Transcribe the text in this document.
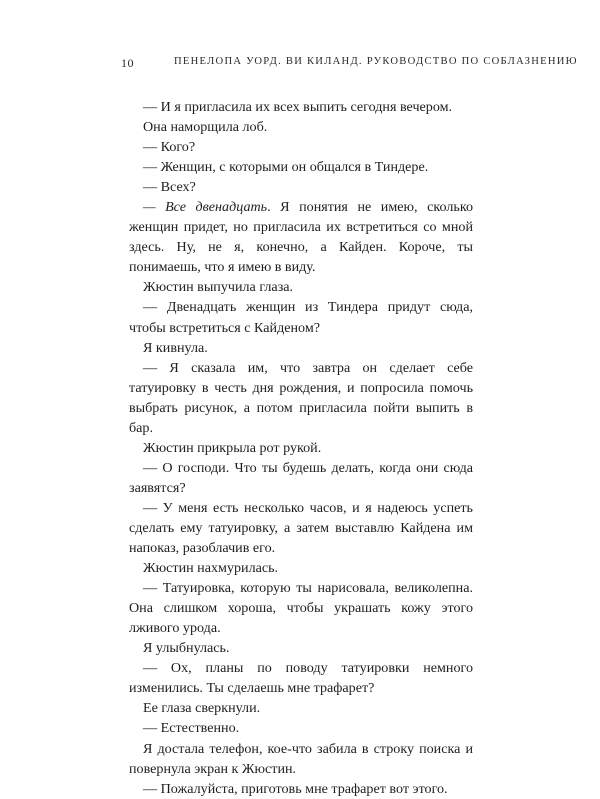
10	ПЕНЕЛОПА УОРД. ВИ КИЛАНД. РУКОВОДСТВО ПО СОБЛАЗНЕНИЮ

— И я пригласила их всех выпить сегодня вечером.

Она наморщила лоб.

— Кого?

— Женщин, с которыми он общался в Тиндере.

— Всех?

— Все двенадцать. Я понятия не имею, сколько женщин придет, но пригласила их встретиться со мной здесь. Ну, не я, конечно, а Кайден. Короче, ты понимаешь, что я имею в виду.

Жюстин выпучила глаза.

— Двенадцать женщин из Тиндера придут сюда, чтобы встретиться с Кайденом?

Я кивнула.

— Я сказала им, что завтра он сделает себе татуировку в честь дня рождения, и попросила помочь выбрать рисунок, а потом пригласила пойти выпить в бар.

Жюстин прикрыла рот рукой.

— О господи. Что ты будешь делать, когда они сюда заявятся?

— У меня есть несколько часов, и я надеюсь успеть сделать ему татуировку, а затем выставлю Кайдена им напоказ, разоблачив его.

Жюстин нахмурилась.

— Татуировка, которую ты нарисовала, великолепна. Она слишком хороша, чтобы украшать кожу этого лживого урода.

Я улыбнулась.

— Ох, планы по поводу татуировки немного изменились. Ты сделаешь мне трафарет?

Ее глаза сверкнули.

— Естественно.

Я достала телефон, кое-что забила в строку поиска и повернула экран к Жюстин.

— Пожалуйста, приготовь мне трафарет вот этого.
